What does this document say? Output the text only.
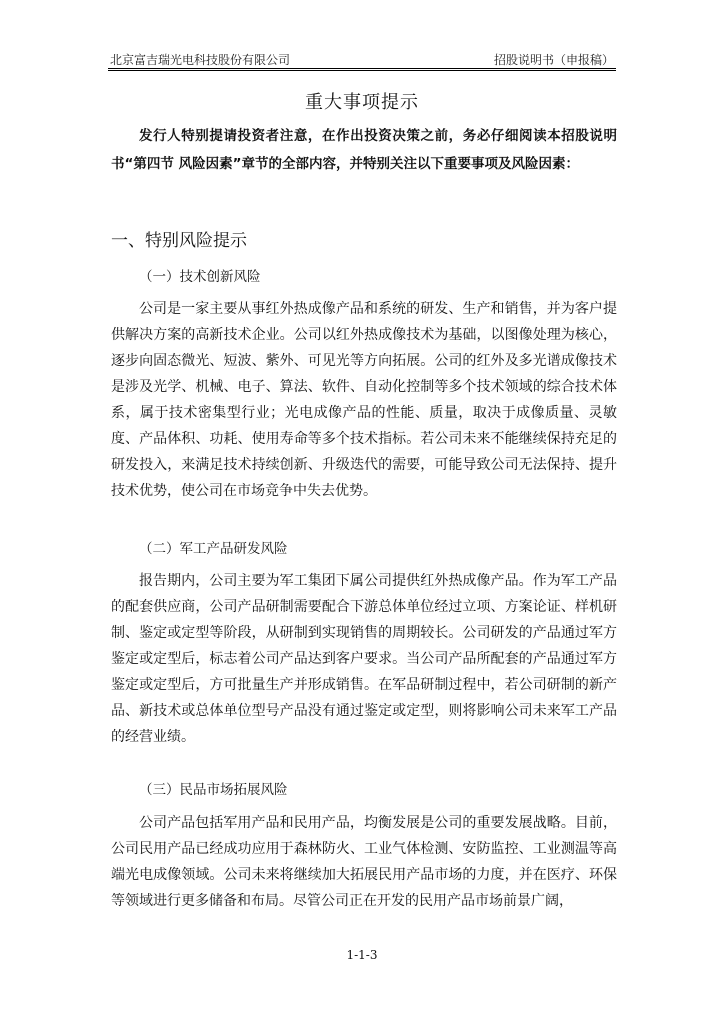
北京富吉瑞光电科技股份有限公司	招股说明书（申报稿）
重大事项提示

发行人特别提请投资者注意，在作出投资决策之前，务必仔细阅读本招股说明书“第四节 风险因素”章节的全部内容，并特别关注以下重要事项及风险因素：

一、特别风险提示
（一）技术创新风险

公司是一家主要从事红外热成像产品和系统的研发、生产和销售，并为客户提供解决方案的高新技术企业。公司以红外热成像技术为基础，以图像处理为核心，逐步向固态微光、短波、紫外、可见光等方向拓展。公司的红外及多光谱成像技术是涉及光学、机械、电子、算法、软件、自动化控制等多个技术领域的综合技术体系，属于技术密集型行业；光电成像产品的性能、质量，取决于成像质量、灵敏度、产品体积、功耗、使用寿命等多个技术指标。若公司未来不能继续保持充足的研发投入，来满足技术持续创新、升级迭代的需要，可能导致公司无法保持、提升技术优势，使公司在市场竞争中失去优势。

（二）军工产品研发风险

报告期内，公司主要为军工集团下属公司提供红外热成像产品。作为军工产品的配套供应商，公司产品研制需要配合下游总体单位经过立项、方案论证、样机研制、鉴定或定型等阶段，从研制到实现销售的周期较长。公司研发的产品通过军方鉴定或定型后，标志着公司产品达到客户要求。当公司产品所配套的产品通过军方鉴定或定型后，方可批量生产并形成销售。在军品研制过程中，若公司研制的新产品、新技术或总体单位型号产品没有通过鉴定或定型，则将影响公司未来军工产品的经营业绩。

（三）民品市场拓展风险

公司产品包括军用产品和民用产品，均衡发展是公司的重要发展战略。目前，公司民用产品已经成功应用于森林防火、工业气体检测、安防监控、工业测温等高端光电成像领域。公司未来将继续加大拓展民用产品市场的力度，并在医疗、环保等领域进行更多储备和布局。尽管公司正在开发的民用产品市场前景广阔，

1-1-3
